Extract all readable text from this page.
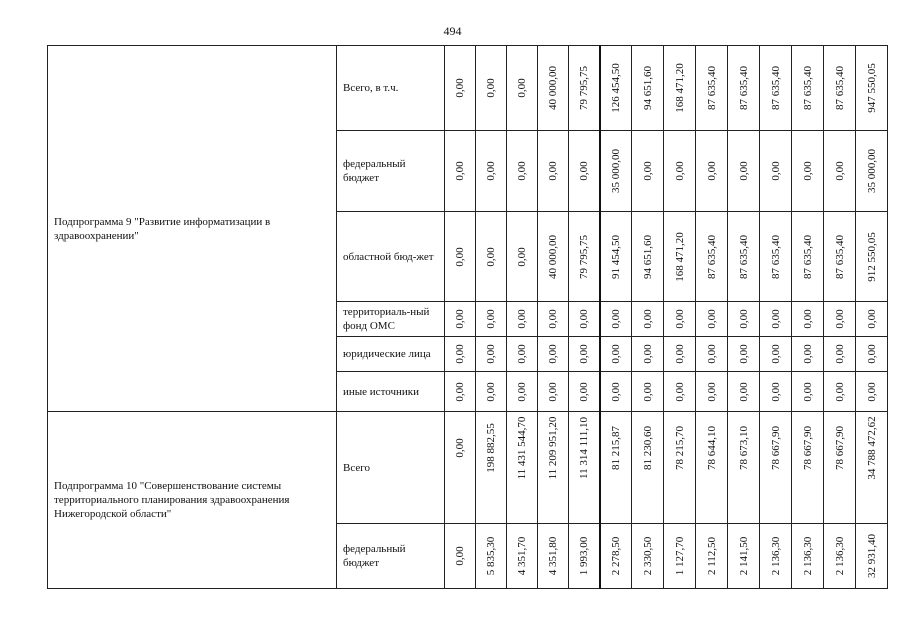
494
Подпрограмма 9 "Развитие информатизации в здравоохранении"	Всего, в т.ч.	0,00	0,00	0,00	40 000,00	79 795,75	126 454,50	94 651,60	168 471,20	87 635,40	87 635,40	87 635,40	87 635,40	87 635,40	947 550,05

	федеральный бюджет	0,00	0,00	0,00	0,00	0,00	35 000,00	0,00	0,00	0,00	0,00	0,00	0,00	0,00	35 000,00

	областной бюд-жет	0,00	0,00	0,00	40 000,00	79 795,75	91 454,50	94 651,60	168 471,20	87 635,40	87 635,40	87 635,40	87 635,40	87 635,40	912 550,05

	территориаль-ный фонд ОМС	0,00	0,00	0,00	0,00	0,00	0,00	0,00	0,00	0,00	0,00	0,00	0,00	0,00	0,00

	юридические лица	0,00	0,00	0,00	0,00	0,00	0,00	0,00	0,00	0,00	0,00	0,00	0,00	0,00	0,00

	иные источники	0,00	0,00	0,00	0,00	0,00	0,00	0,00	0,00	0,00	0,00	0,00	0,00	0,00	0,00

Подпрограмма 10 "Совершенствование системы территориального планирования здравоохранения Нижегородской области"	Всего	0,00	198 882,55	11 431 544,70	11 209 951,20	11 314 111,10	81 215,87	81 230,60	78 215,70	78 644,10	78 673,10	78 667,90	78 667,90	78 667,90	34 788 472,62

	федеральный бюджет	0,00	5 835,30	4 351,70	4 351,80	1 993,00	2 278,50	2 330,50	1 127,70	2 112,50	2 141,50	2 136,30	2 136,30	2 136,30	32 931,40
